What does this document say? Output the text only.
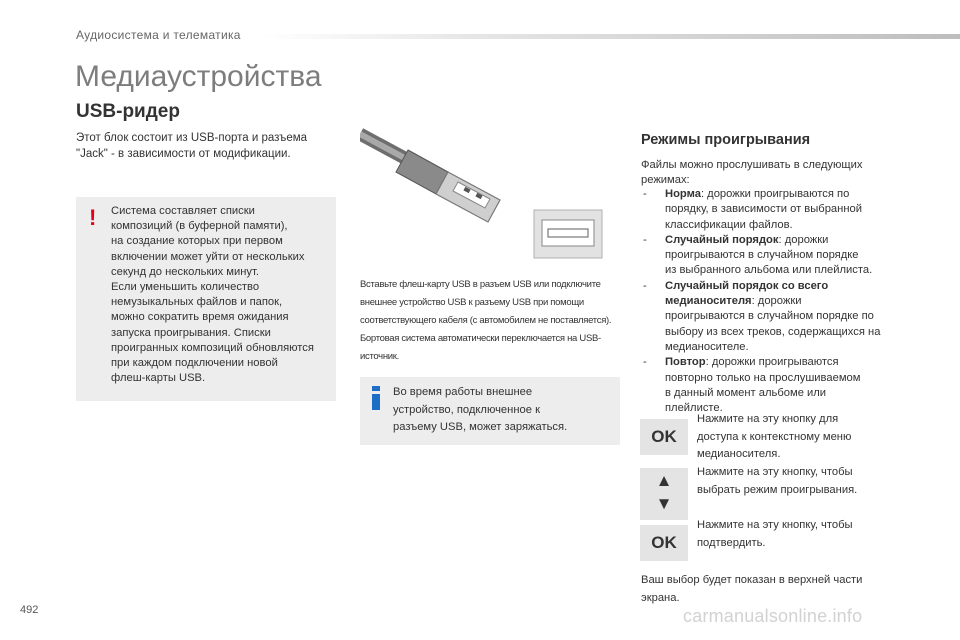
Аудиосистема и телематика
Медиаустройства
USB-ридер

Этот блок состоит из USB-порта и разъема "Jack" - в зависимости от модификации.

! Система составляет списки
композиций (в буферной памяти),
на создание которых при первом
включении может уйти от нескольких
секунд до нескольких минут.
Если уменьшить количество
немузыкальных файлов и папок,
можно сократить время ожидания
запуска проигрывания. Списки
проигранных композиций обновляются
при каждом подключении новой
флеш-карты USB.
Вставьте флеш-карту USB в разъем USB или подключите
внешнее устройство USB к разъему USB при помощи
соответствующего кабеля (с автомобилем не поставляется).
Бортовая система автоматически переключается на USB-
источник.
Во время работы внешнее
устройство, подключенное к
разъему USB, может заряжаться.
Режимы проигрывания
Файлы можно прослушивать в следующих
режимах:
- Норма: дорожки проигрываются по
порядку, в зависимости от выбранной
классификации файлов.
- Случайный порядок: дорожки
проигрываются в случайном порядке
из выбранного альбома или плейлиста.
- Случайный порядок со всего
медианосителя: дорожки
проигрываются в случайном порядке по
выбору из всех треков, содержащихся на
медианосителе.
- Повтор: дорожки проигрываются
повторно только на прослушиваемом
в данный момент альбоме или
плейлисте.
OK
Нажмите на эту кнопку для
доступа к контекстному меню
медианосителя.
▲
▼
Нажмите на эту кнопку, чтобы
выбрать режим проигрывания.
OK
Нажмите на эту кнопку, чтобы
подтвердить.
Ваш выбор будет показан в верхней части
экрана.
492	carmanualsonline.info
